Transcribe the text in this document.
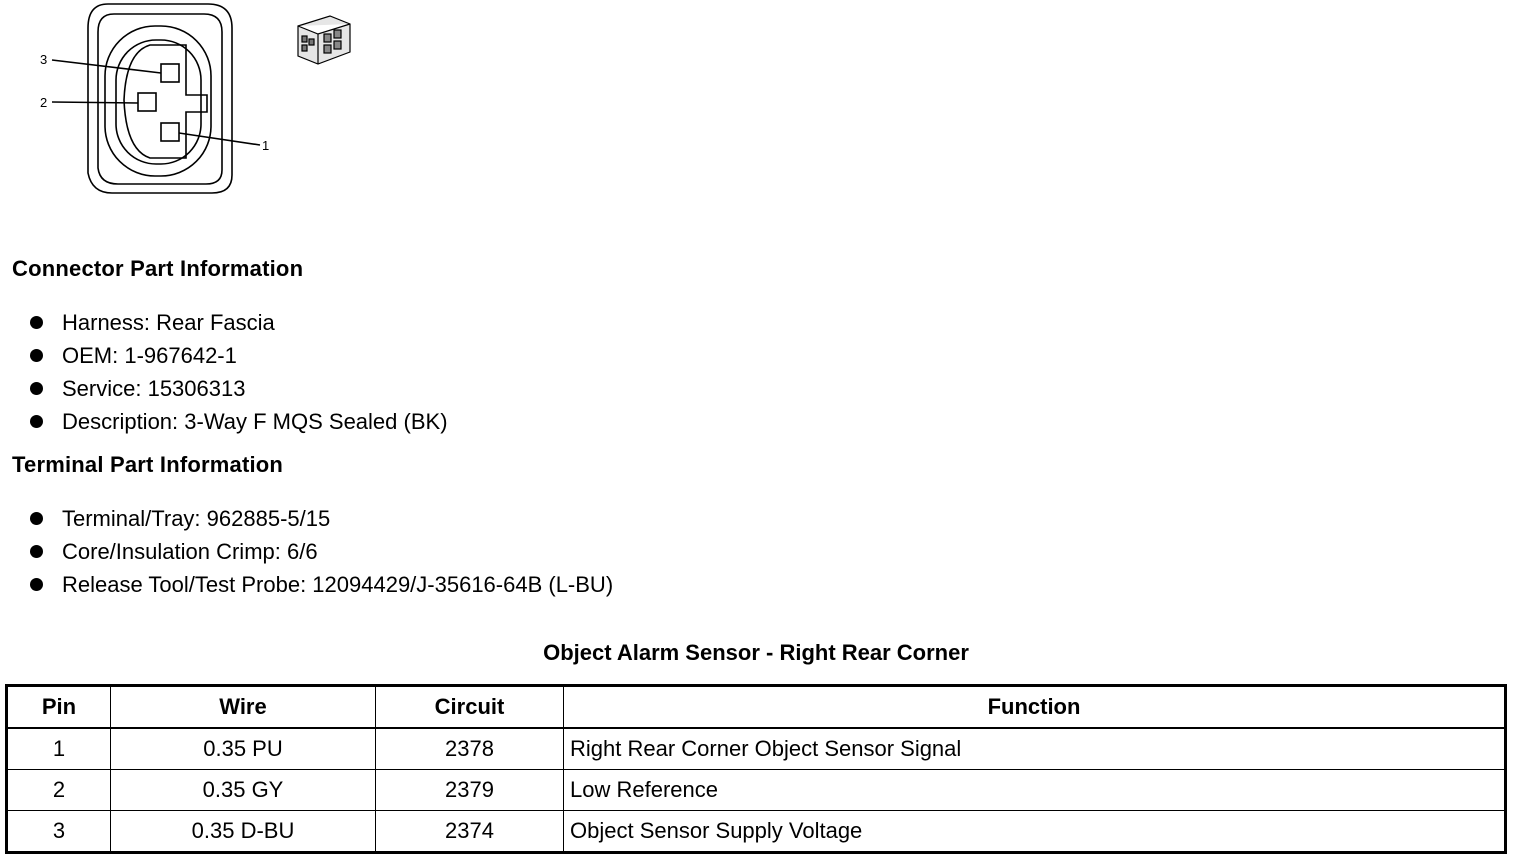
3
2
1
Connector Part Information
Harness: Rear Fascia
OEM: 1-967642-1
Service: 15306313
Description: 3-Way F MQS Sealed (BK)
Terminal Part Information
Terminal/Tray: 962885-5/15
Core/Insulation Crimp: 6/6
Release Tool/Test Probe: 12094429/J-35616-64B (L-BU)
Object Alarm Sensor - Right Rear Corner
Pin	Wire	Circuit	Function
1	0.35 PU	2378	Right Rear Corner Object Sensor Signal
2	0.35 GY	2379	Low Reference
3	0.35 D-BU	2374	Object Sensor Supply Voltage
